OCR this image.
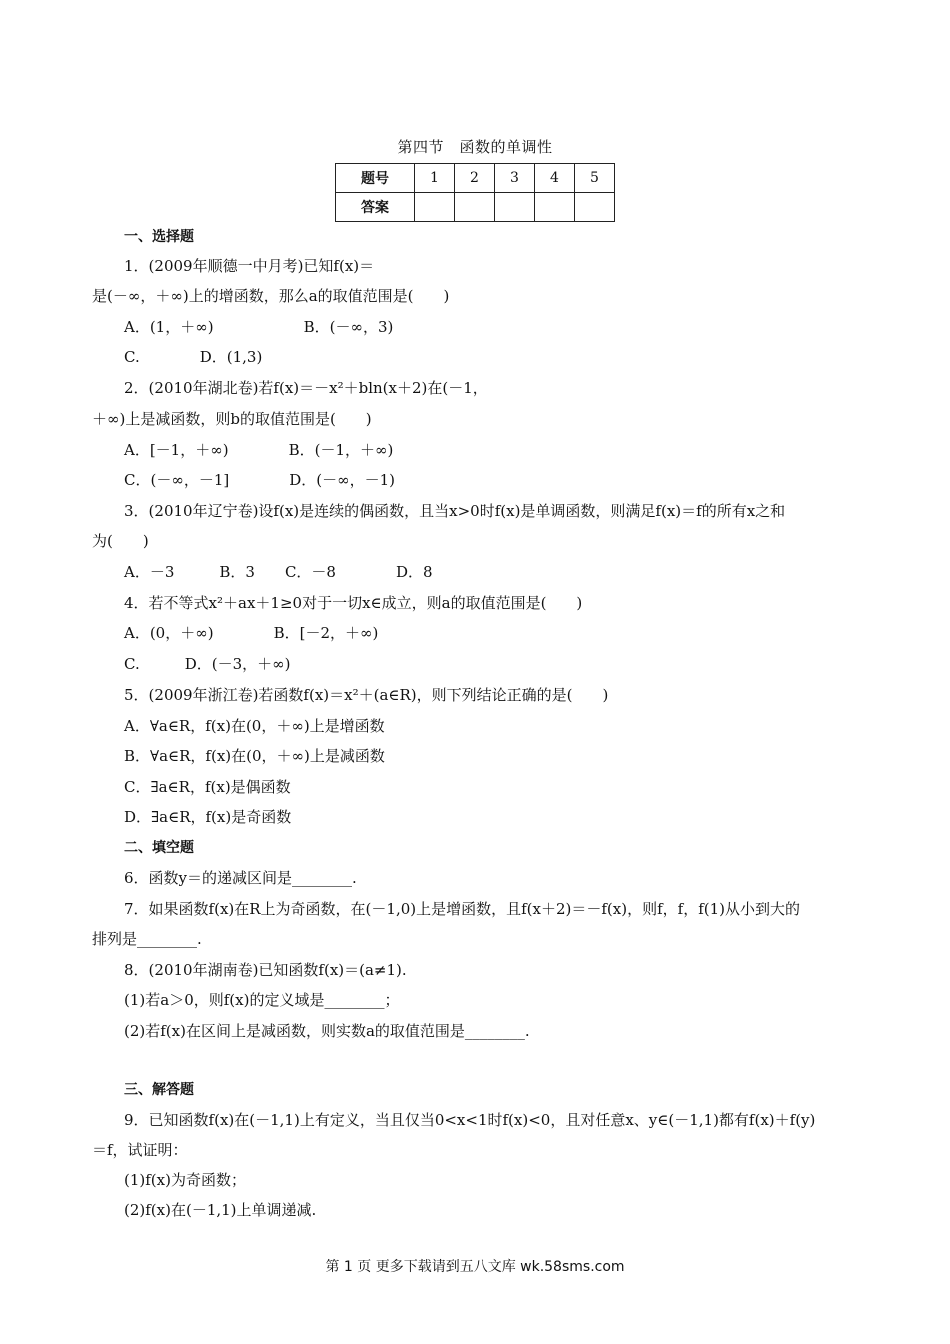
第四节　函数的单调性
题号	1	2	3	4	5
答案					
一、选择题
1．(2009年顺德一中月考)已知f(x)＝
是(－∞，＋∞)上的增函数，那么a的取值范围是(　　)
A．(1，＋∞)　　　　　　B．(－∞，3)
C.　　　　D．(1,3)
2．(2010年湖北卷)若f(x)＝－x²＋bln(x＋2)在(－1，
＋∞)上是减函数，则b的取值范围是(　　)
A．[－1，＋∞)　　　　B．(－1，＋∞)
C．(－∞，－1]　　　　D．(－∞，－1)
3．(2010年辽宁卷)设f(x)是连续的偶函数，且当x>0时f(x)是单调函数，则满足f(x)＝f的所有x之和
为(　　)
A．－3　　　B．3　　C．－8　　　　D．8
4．若不等式x²＋ax＋1≥0对于一切x∈成立，则a的取值范围是(　　)
A．(0，＋∞)　　　　B．[－2，＋∞)
C.　　　D．(－3，＋∞)
5．(2009年浙江卷)若函数f(x)＝x²＋(a∈R)，则下列结论正确的是(　　)
A．∀a∈R，f(x)在(0，＋∞)上是增函数
B．∀a∈R，f(x)在(0，＋∞)上是减函数
C．∃a∈R，f(x)是偶函数
D．∃a∈R，f(x)是奇函数
二、填空题
6．函数y＝的递减区间是________.
7．如果函数f(x)在R上为奇函数，在(－1,0)上是增函数，且f(x＋2)＝－f(x)，则f，f，f(1)从小到大的
排列是________.
8．(2010年湖南卷)已知函数f(x)＝(a≠1).
(1)若a＞0，则f(x)的定义域是________；
(2)若f(x)在区间上是减函数，则实数a的取值范围是________.
三、解答题
9．已知函数f(x)在(－1,1)上有定义，当且仅当0<x<1时f(x)<0，且对任意x、y∈(－1,1)都有f(x)＋f(y)
＝f，试证明：
(1)f(x)为奇函数；
(2)f(x)在(－1,1)上单调递减.
第 1 页 更多下载请到五八文库 wk.58sms.com
